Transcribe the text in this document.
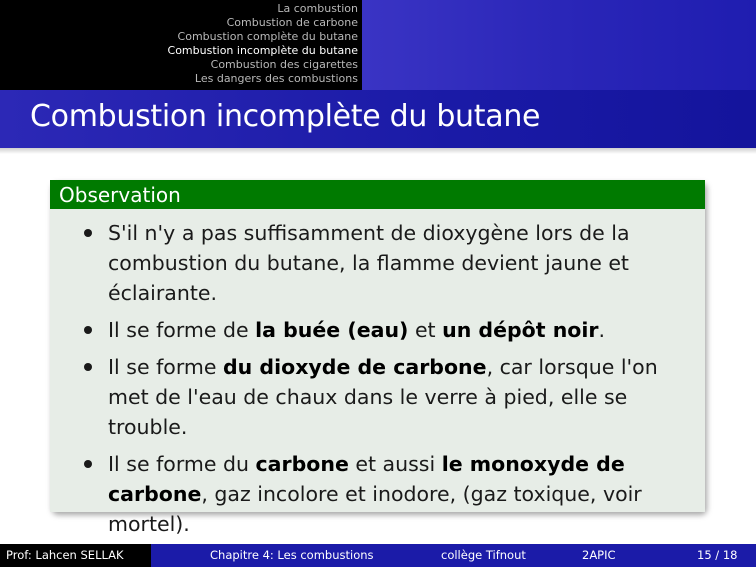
La combustion
Combustion de carbone
Combustion complète du butane
Combustion incomplète du butane
Combustion des cigarettes
Les dangers des combustions
Combustion incomplète du butane
Observation
S'il n'y a pas suffisamment de dioxygène lors de la combustion du butane, la flamme devient jaune et éclairante.
Il se forme de la buée (eau) et un dépôt noir.
Il se forme du dioxyde de carbone, car lorsque l'on met de l'eau de chaux dans le verre à pied, elle se trouble.
Il se forme du carbone et aussi le monoxyde de carbone, gaz incolore et inodore, (gaz toxique, voir mortel).
Prof: Lahcen SELLAK	Chapitre 4: Les combustions	collège Tifnout	2APIC	15 / 18
